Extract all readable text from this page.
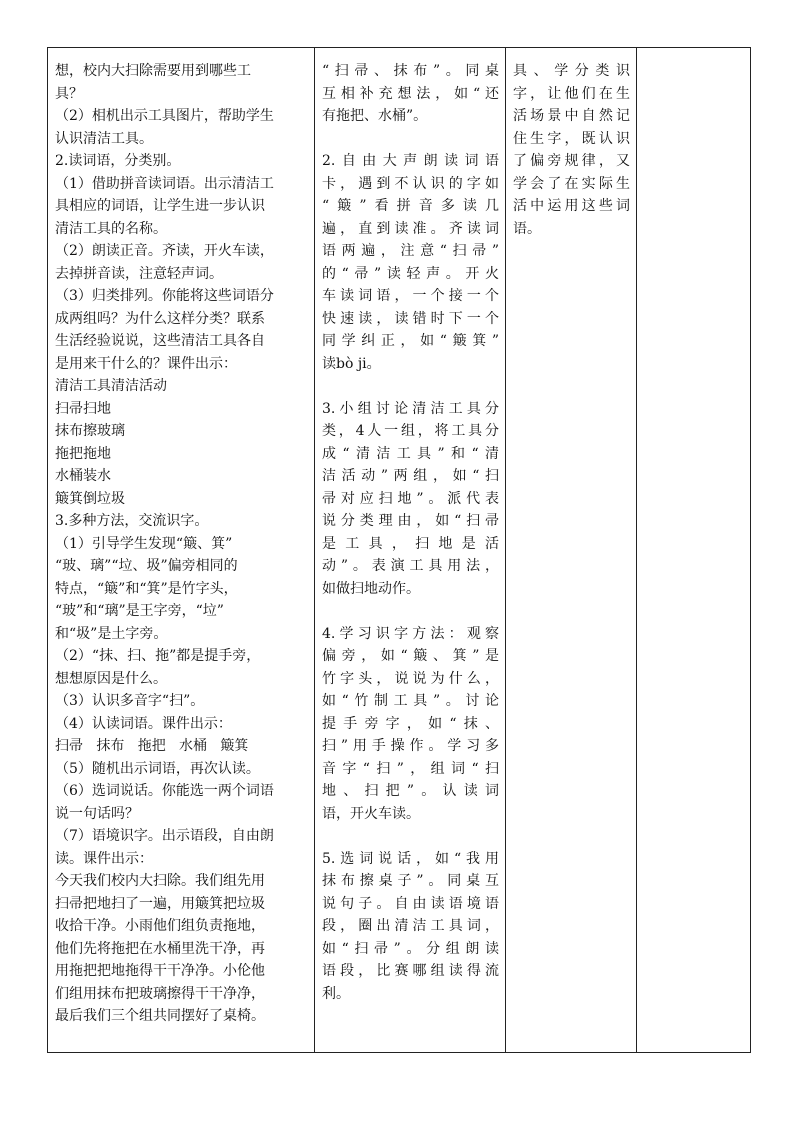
想，校内大扫除需要用到哪些工
具？
（2）相机出示工具图片，帮助学生
认识清洁工具。
2.读词语，分类别。
（1）借助拼音读词语。出示清洁工
具相应的词语，让学生进一步认识
清洁工具的名称。
（2）朗读正音。齐读，开火车读，
去掉拼音读，注意轻声词。
（3）归类排列。你能将这些词语分
成两组吗？为什么这样分类？联系
生活经验说说，这些清洁工具各自
是用来干什么的？课件出示：
清洁工具清洁活动
扫帚扫地
抹布擦玻璃
拖把拖地
水桶装水
簸箕倒垃圾
3.多种方法，交流识字。
（1）引导学生发现“簸、箕”
“玻、璃”“垃、圾”偏旁相同的
特点，“簸”和“箕”是竹字头，
“玻”和“璃”是王字旁，“垃”
和“圾”是土字旁。
（2）“抹、扫、拖”都是提手旁，
想想原因是什么。
（3）认识多音字“扫”。
（4）认读词语。课件出示：
扫帚   抹布   拖把   水桶   簸箕
（5）随机出示词语，再次认读。
（6）选词说话。你能选一两个词语
说一句话吗？
（7）语境识字。出示语段，自由朗
读。课件出示：
今天我们校内大扫除。我们组先用
扫帚把地扫了一遍，用簸箕把垃圾
收拾干净。小雨他们组负责拖地，
他们先将拖把在水桶里洗干净，再
用拖把把地拖得干干净净。小伦他
们组用抹布把玻璃擦得干干净净，
最后我们三个组共同摆好了桌椅。
“扫帚、抹布”。同桌
互相补充想法，如“还
有拖把、水桶”。
2.自由大声朗读词语
卡，遇到不认识的字如
“簸”看拼音多读几
遍，直到读准。齐读词
语两遍，注意“扫帚”
的“帚”读轻声。开火
车读词语，一个接一个
快速读，读错时下一个
同学纠正，如“簸箕”
读bò ji。
3.小组讨论清洁工具分
类，4人一组，将工具分
成“清洁工具”和“清
洁活动”两组，如“扫
帚对应扫地”。派代表
说分类理由，如“扫帚
是工具，扫地是活
动”。表演工具用法，
如做扫地动作。
4.学习识字方法：观察
偏旁，如“簸、箕”是
竹字头，说说为什么，
如“竹制工具”。讨论
提手旁字，如“抹、
扫”用手操作。学习多
音字“扫”，组词“扫
地、扫把”。认读词
语，开火车读。
5.选词说话，如“我用
抹布擦桌子”。同桌互
说句子。自由读语境语
段，圈出清洁工具词，
如“扫帚”。分组朗读
语段，比赛哪组读得流
利。
具、学分类识
字，让他们在生
活场景中自然记
住生字，既认识
了偏旁规律，又
学会了在实际生
活中运用这些词
语。
